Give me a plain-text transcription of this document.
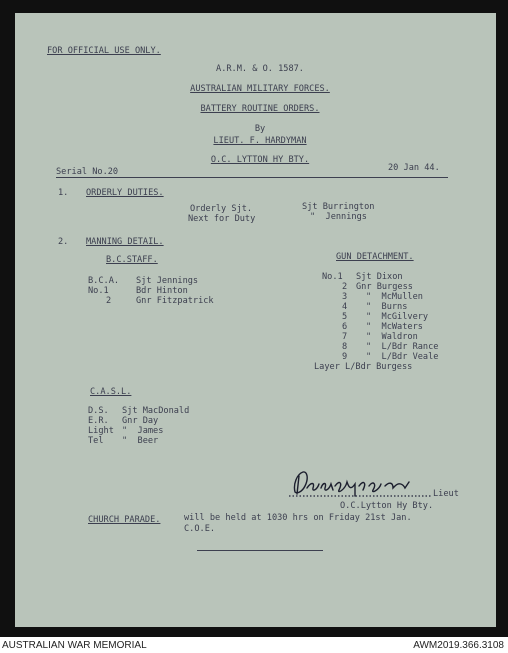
FOR OFFICIAL USE ONLY.
A.R.M. & O. 1587.
AUSTRALIAN MILITARY FORCES.
BATTERY ROUTINE ORDERS.
By
LIEUT. F. HARDYMAN
O.C. LYTTON HY BTY.
Serial No.20	20 Jan 44.
1. ORDERLY DUTIES.
Orderly Sjt.	Sjt Burrington
Next for Duty	"  Jennings
2. MANNING DETAIL.
B.C.STAFF.
B.C.A. Sjt Jennings
No.1	Bdr Hinton
2	Gnr Fitzpatrick
GUN DETACHMENT.
No.1 Sjt Dixon
2 Gnr Burgess
3 "  McMullen
4 "  Burns
5 "  McGilvery
6 "  McWaters
7 "  Waldron
8 "  L/Bdr Rance
9 "  L/Bdr Veale
Layer L/Bdr Burgess
C.A.S.L.
D.S. Sjt MacDonald
E.R. Gnr Day
Light "  James
Tel "  Beer
Lieut
O.C.Lytton Hy Bty.
CHURCH PARADE.	will be held at 1030 hrs on Friday 21st Jan.
C.O.E.
AUSTRALIAN WAR MEMORIAL	AWM2019.366.3108
